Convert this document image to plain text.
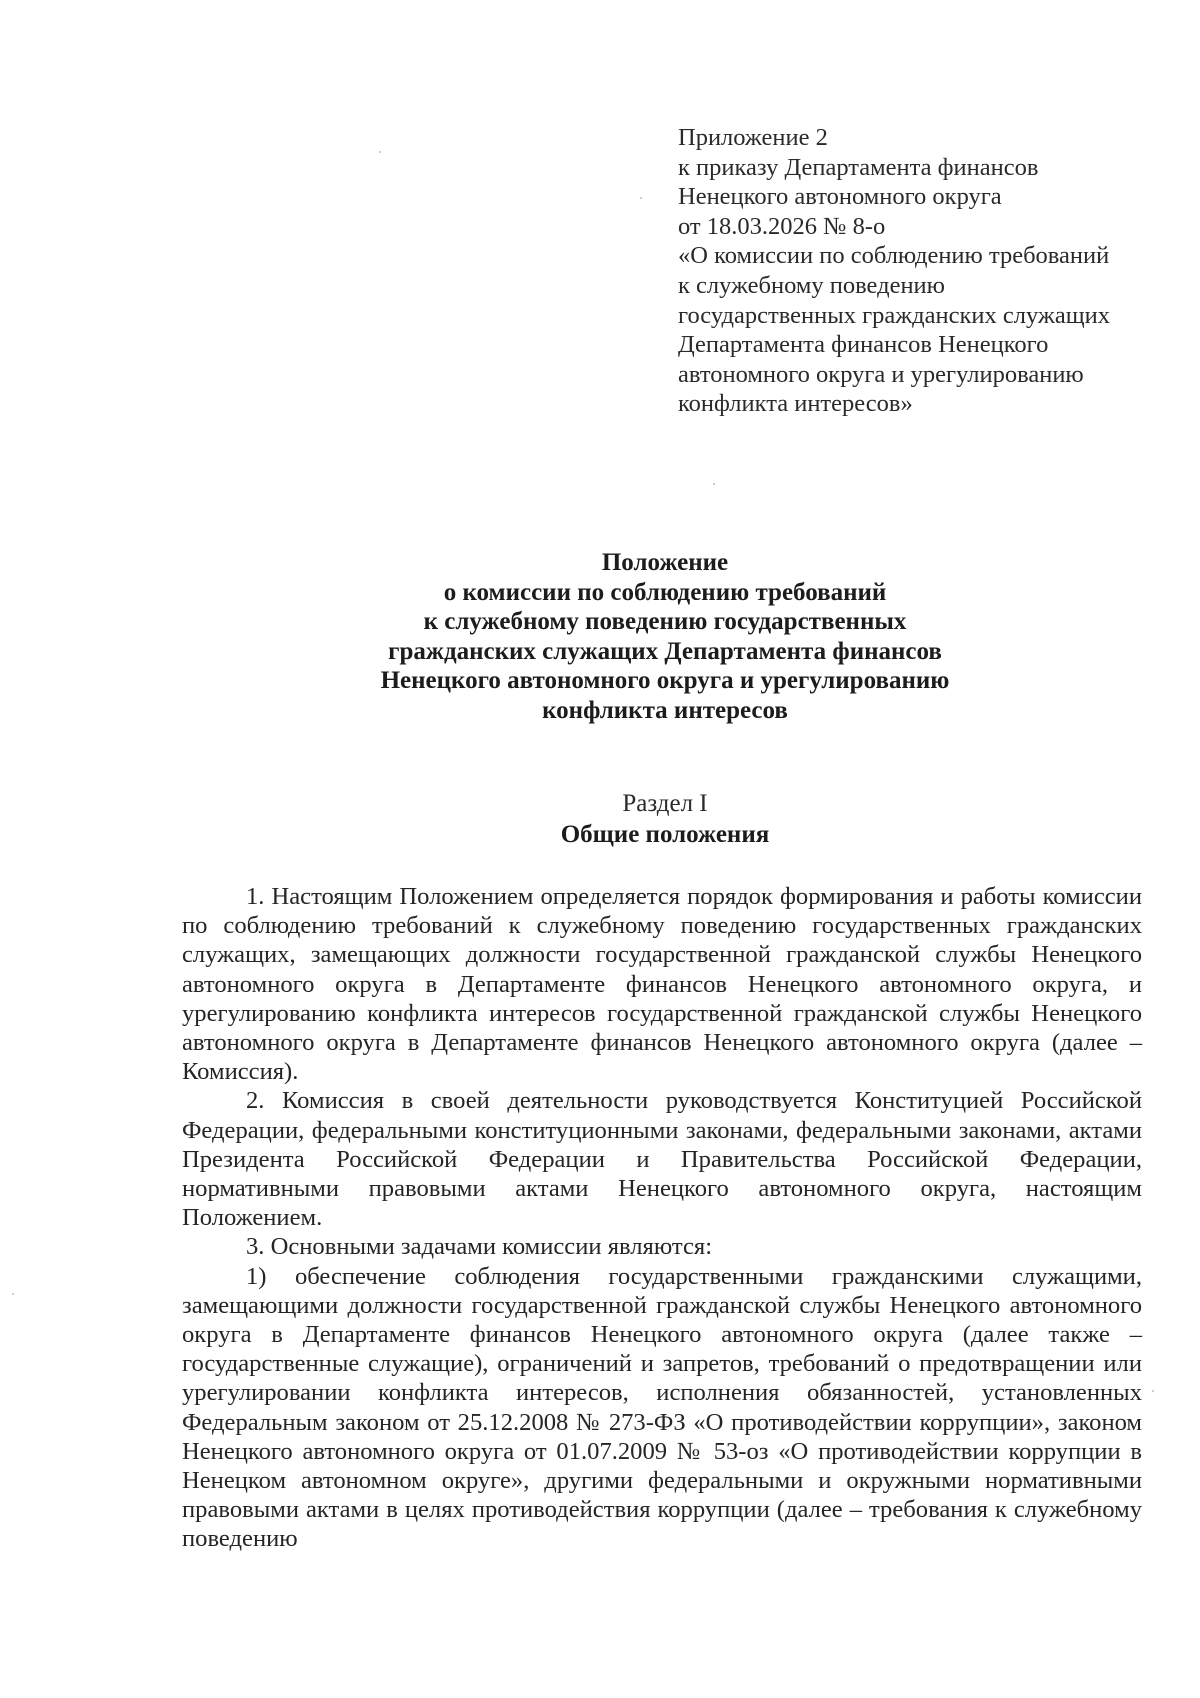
Приложение 2
к приказу Департамента финансов
Ненецкого автономного округа
от 18.03.2026 № 8-о
«О комиссии по соблюдению требований
к служебному поведению
государственных гражданских служащих
Департамента финансов Ненецкого
автономного округа и урегулированию
конфликта интересов»
Положение
о комиссии по соблюдению требований
к служебному поведению государственных
гражданских служащих Департамента финансов
Ненецкого автономного округа и урегулированию
конфликта интересов
Раздел I
Общие положения

1. Настоящим Положением определяется порядок формирования и работы комиссии по соблюдению требований к служебному поведению государственных гражданских служащих, замещающих должности государственной гражданской службы Ненецкого автономного округа в Департаменте финансов Ненецкого автономного округа, и урегулированию конфликта интересов государственной гражданской службы Ненецкого автономного округа в Департаменте финансов Ненецкого автономного округа (далее – Комиссия).

2. Комиссия в своей деятельности руководствуется Конституцией Российской Федерации, федеральными конституционными законами, федеральными законами, актами Президента Российской Федерации и Правительства Российской Федерации, нормативными правовыми актами Ненецкого автономного округа, настоящим Положением.

3. Основными задачами комиссии являются:

1) обеспечение соблюдения государственными гражданскими служащими, замещающими должности государственной гражданской службы Ненецкого автономного округа в Департаменте финансов Ненецкого автономного округа (далее также – государственные служащие), ограничений и запретов, требований о предотвращении или урегулировании конфликта интересов, исполнения обязанностей, установленных Федеральным законом от 25.12.2008 № 273-ФЗ «О противодействии коррупции», законом Ненецкого автономного округа от 01.07.2009 № 53-оз «О противодействии коррупции в Ненецком автономном округе», другими федеральными и окружными нормативными правовыми актами в целях противодействия коррупции (далее – требования к служебному поведению
